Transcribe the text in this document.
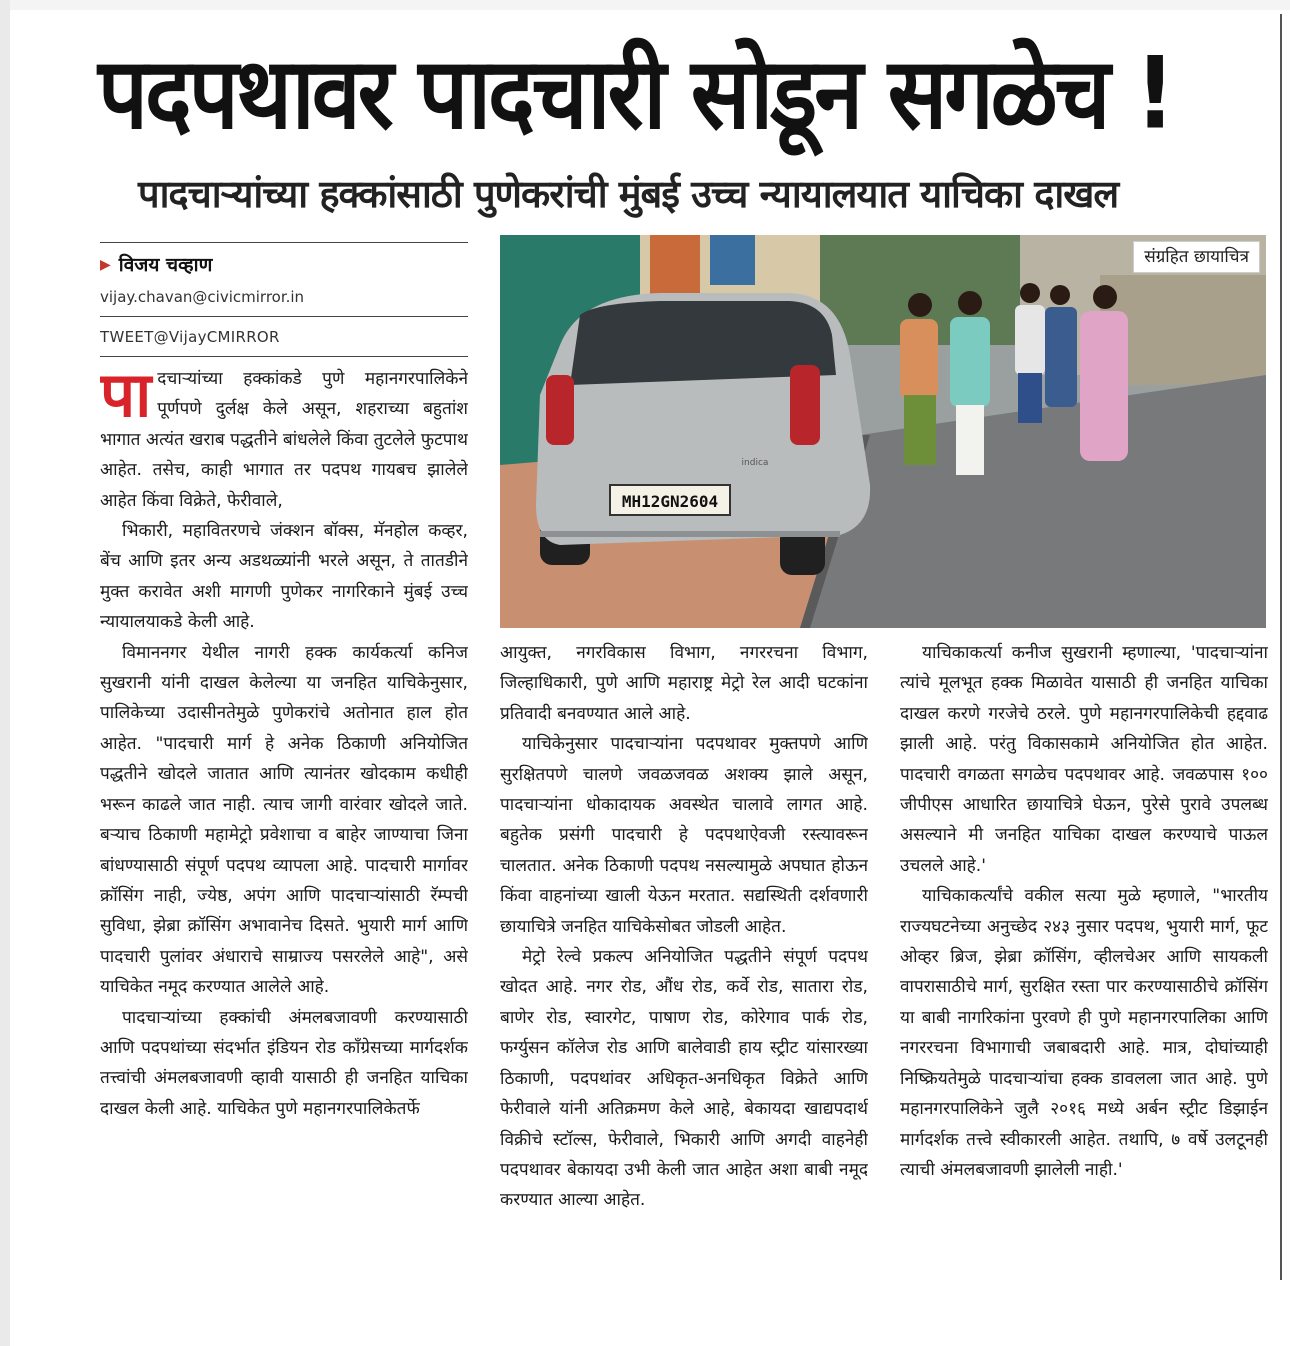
पदपथावर पादचारी सोडून सगळेच !
पादचाऱ्यांच्या हक्कांसाठी पुणेकरांची मुंबई उच्च न्यायालयात याचिका दाखल
▶ विजय चव्हाण
vijay.chavan@civicmirror.in
TWEET@VijayCMIRROR

पादचाऱ्यांच्या हक्कांकडे पुणे महानगरपालिकेने पूर्णपणे दुर्लक्ष केले असून, शहराच्या बहुतांश भागात अत्यंत खराब पद्धतीने बांधलेले किंवा तुटलेले फुटपाथ आहेत. तसेच, काही भागात तर पदपथ गायबच झालेले आहेत किंवा विक्रेते, फेरीवाले,

भिकारी, महावितरणचे जंक्शन बॉक्स, मॅनहोल कव्हर, बेंच आणि इतर अन्य अडथळ्यांनी भरले असून, ते तातडीने मुक्त करावेत अशी मागणी पुणेकर नागरिकाने मुंबई उच्च न्यायालयाकडे केली आहे.

विमाननगर येथील नागरी हक्क कार्यकर्त्या कनिज सुखरानी यांनी दाखल केलेल्या या जनहित याचिकेनुसार, पालिकेच्या उदासीनतेमुळे पुणेकरांचे अतोनात हाल होत आहेत. "पादचारी मार्ग हे अनेक ठिकाणी अनियोजित पद्धतीने खोदले जातात आणि त्यानंतर खोदकाम कधीही भरून काढले जात नाही. त्याच जागी वारंवार खोदले जाते. बऱ्याच ठिकाणी महामेट्रो प्रवेशाचा व बाहेर जाण्याचा जिना बांधण्यासाठी संपूर्ण पदपथ व्यापला आहे. पादचारी मार्गावर क्रॉसिंग नाही, ज्येष्ठ, अपंग आणि पादचाऱ्यांसाठी रॅम्पची सुविधा, झेब्रा क्रॉसिंग अभावानेच दिसते. भुयारी मार्ग आणि पादचारी पुलांवर अंधाराचे साम्राज्य पसरलेले आहे", असे याचिकेत नमूद करण्यात आलेले आहे.

पादचाऱ्यांच्या हक्कांची अंमलबजावणी करण्यासाठी आणि पदपथांच्या संदर्भात इंडियन रोड कॉंग्रेसच्या मार्गदर्शक तत्त्वांची अंमलबजावणी व्हावी यासाठी ही जनहित याचिका दाखल केली आहे. याचिकेत पुणे महानगरपालिकेतर्फे

MH12GN2604
indica
संग्रहित छायाचित्र

आयुक्त, नगरविकास विभाग, नगररचना विभाग, जिल्हाधिकारी, पुणे आणि महाराष्ट्र मेट्रो रेल आदी घटकांना प्रतिवादी बनवण्यात आले आहे.

याचिकेनुसार पादचाऱ्यांना पदपथावर मुक्तपणे आणि सुरक्षितपणे चालणे जवळजवळ अशक्य झाले असून, पादचाऱ्यांना धोकादायक अवस्थेत चालावे लागत आहे. बहुतेक प्रसंगी पादचारी हे पदपथाऐवजी रस्त्यावरून चालतात. अनेक ठिकाणी पदपथ नसल्यामुळे अपघात होऊन किंवा वाहनांच्या खाली येऊन मरतात. सद्यस्थिती दर्शवणारी छायाचित्रे जनहित याचिकेसोबत जोडली आहेत.

मेट्रो रेल्वे प्रकल्प अनियोजित पद्धतीने संपूर्ण पदपथ खोदत आहे. नगर रोड, औंध रोड, कर्वे रोड, सातारा रोड, बाणेर रोड, स्वारगेट, पाषाण रोड, कोरेगाव पार्क रोड, फर्ग्युसन कॉलेज रोड आणि बालेवाडी हाय स्ट्रीट यांसारख्या ठिकाणी, पदपथांवर अधिकृत-अनधिकृत विक्रेते आणि फेरीवाले यांनी अतिक्रमण केले आहे, बेकायदा खाद्यपदार्थ विक्रीचे स्टॉल्स, फेरीवाले, भिकारी आणि अगदी वाहनेही पदपथावर बेकायदा उभी केली जात आहेत अशा बाबी नमूद करण्यात आल्या आहेत.

याचिकाकर्त्या कनीज सुखरानी म्हणाल्या, 'पादचाऱ्यांना त्यांचे मूलभूत हक्क मिळावेत यासाठी ही जनहित याचिका दाखल करणे गरजेचे ठरले. पुणे महानगरपालिकेची हद्दवाढ झाली आहे. परंतु विकासकामे अनियोजित होत आहेत. पादचारी वगळता सगळेच पदपथावर आहे. जवळपास १०० जीपीएस आधारित छायाचित्रे घेऊन, पुरेसे पुरावे उपलब्ध असल्याने मी जनहित याचिका दाखल करण्याचे पाऊल उचलले आहे.'

याचिकाकर्त्यांचे वकील सत्या मुळे म्हणाले, "भारतीय राज्यघटनेच्या अनुच्छेद २४३ नुसार पदपथ, भुयारी मार्ग, फूट ओव्हर ब्रिज, झेब्रा क्रॉसिंग, व्हीलचेअर आणि सायकली वापरासाठीचे मार्ग, सुरक्षित रस्ता पार करण्यासाठीचे क्रॉसिंग या बाबी नागरिकांना पुरवणे ही पुणे महानगरपालिका आणि नगररचना विभागाची जबाबदारी आहे. मात्र, दोघांच्याही निष्क्रियतेमुळे पादचाऱ्यांचा हक्क डावलला जात आहे. पुणे महानगरपालिकेने जुलै २०१६ मध्ये अर्बन स्ट्रीट डिझाईन मार्गदर्शक तत्त्वे स्वीकारली आहेत. तथापि, ७ वर्षे उलटूनही त्याची अंमलबजावणी झालेली नाही.'
